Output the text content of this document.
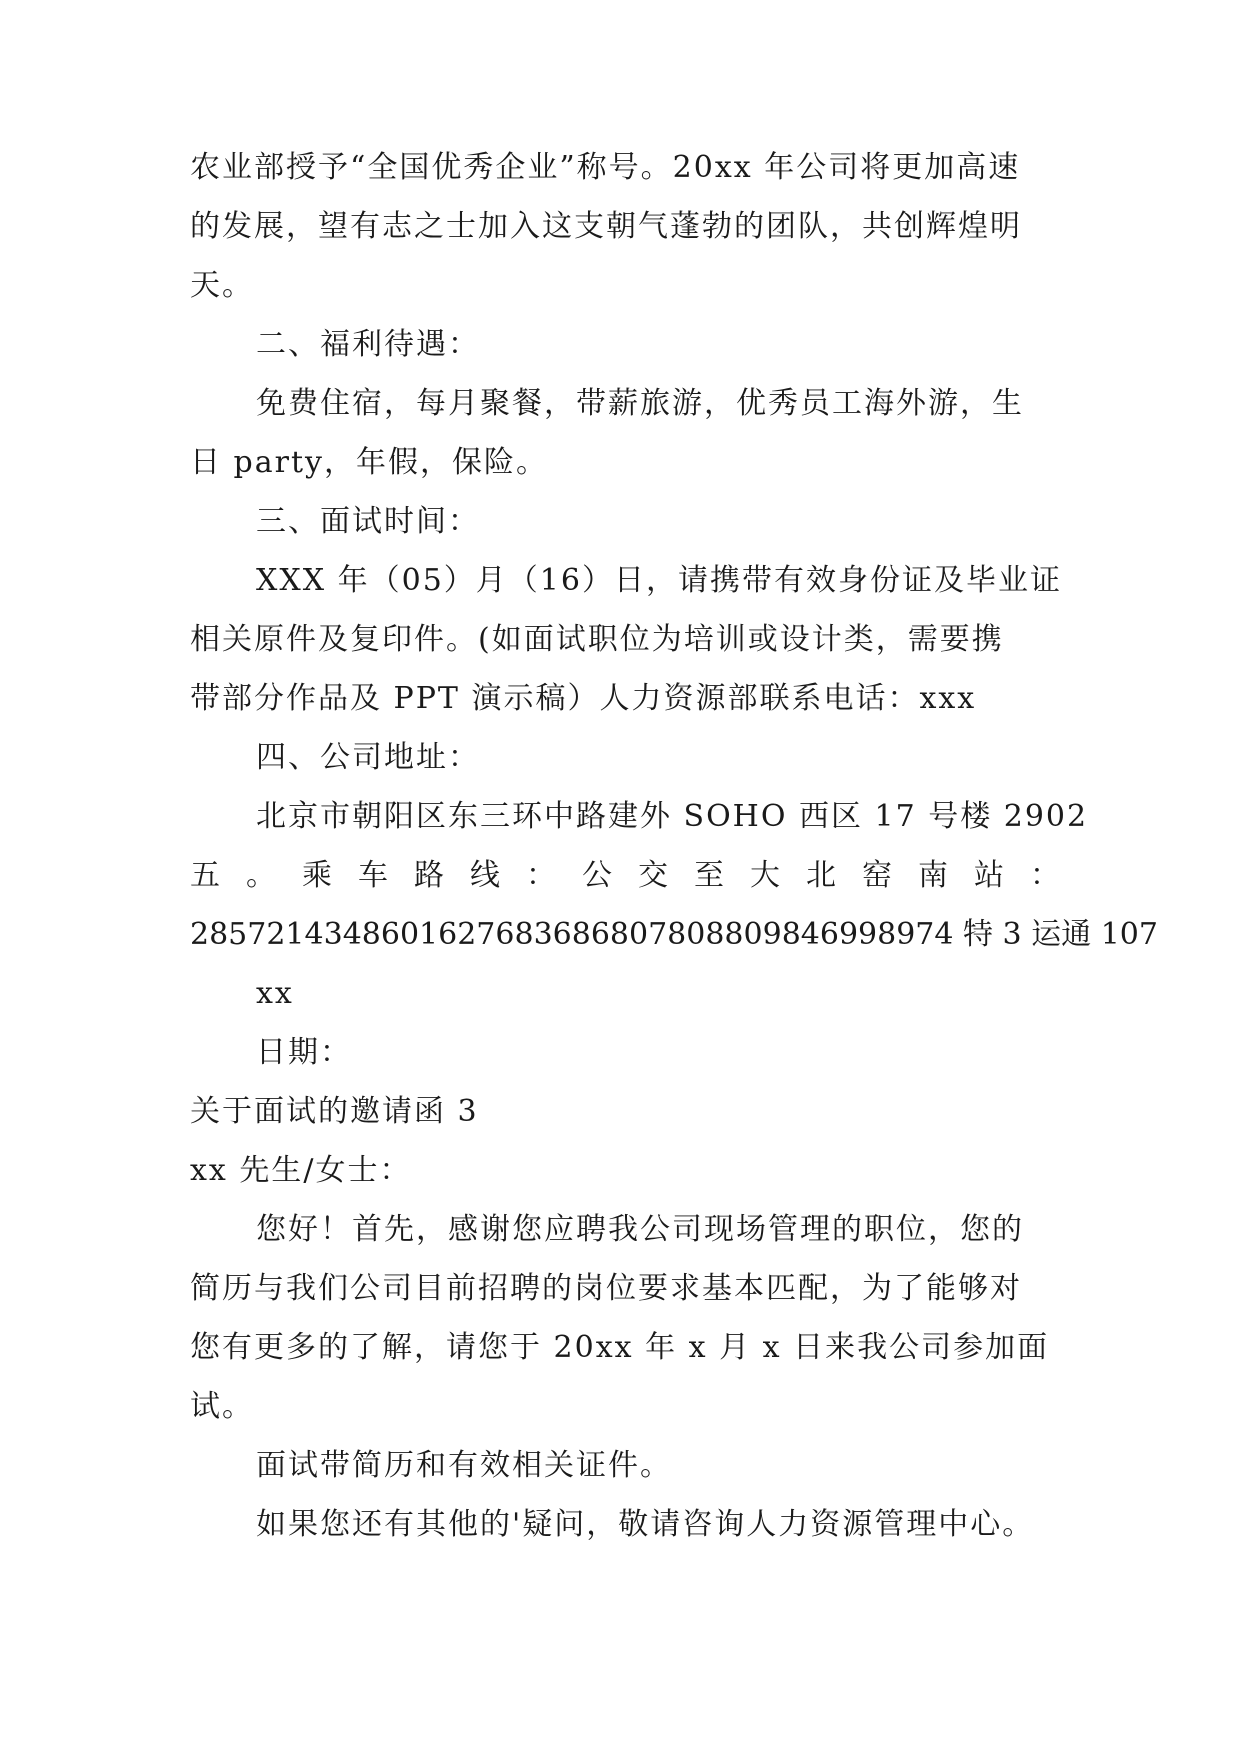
农业部授予“全国优秀企业”称号。20xx 年公司将更加高速
的发展，望有志之士加入这支朝气蓬勃的团队，共创辉煌明
天。
二、福利待遇：
免费住宿，每月聚餐，带薪旅游，优秀员工海外游，生
日 party，年假，保险。
三、面试时间：
XXX 年（05）月（16）日，请携带有效身份证及毕业证
相关原件及复印件。(如面试职位为培训或设计类，需要携
带部分作品及 PPT 演示稿）人力资源部联系电话：xxx
四、公司地址：
北京市朝阳区东三环中路建外 SOHO 西区 17 号楼 2902
五 。 乘 车 路 线 ： 公 交 至 大 北 窑 南 站 ：
2857214348601627683686807808809846998974 特 3 运通 107
xx
日期：
关于面试的邀请函 3
xx 先生/女士：
您好！首先，感谢您应聘我公司现场管理的职位，您的
简历与我们公司目前招聘的岗位要求基本匹配，为了能够对
您有更多的了解，请您于 20xx 年 x 月 x 日来我公司参加面
试。
面试带简历和有效相关证件。
如果您还有其他的'疑问，敬请咨询人力资源管理中心。
